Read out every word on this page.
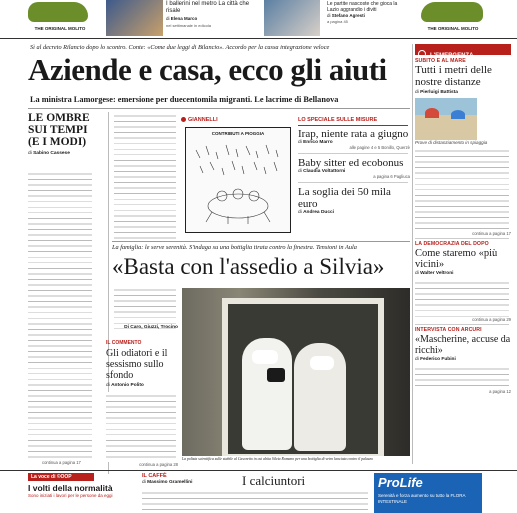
THE ORIGINAL MOLITO
I ballerini nel metro La città che risale
di Elena Marco
nel settimanale in edicola
Le partite nascoste che gioca la Lazio aggrandio i diviti
di Stefano Agresti
a pagina 45
THE ORIGINAL MOLITO
Sì al decreto Rilancio dopo lo scontro. Conte: «Come due leggi di Bilancio». Accordo per la cassa integrazione veloce
Aziende e casa, ecco gli aiuti
La ministra Lamorgese: emersione per duecentomila migranti. Le lacrime di Bellanova
LE OMBRE SUI TEMPI (E I MODI)
di Sabino Cassese
continua a pagina 17
GIANNELLI
CONTRIBUTI A PIOGGIA

LO SPECIALE SULLE MISURE
Irap, niente rata a giugno
di Enrico Marro
alle pagine 4 e 5 Bonillo, Querzè
Baby sitter ed ecobonus
di Claudia Voltattorni
a pagina 6 Pagliuca
La soglia dei 50 mila euro
di Andrea Ducci
La famiglia: le serve serenità. S'indaga su una bottiglia tirata contro la finestra. Tensioni in Aula
«Basta con l'assedio a Silvia»
Di Caro, Giuzzi, Trocino
La polizia scientifica sulle stabile al Casoretto in cui abita Silvia Romano per una bottiglia di vetro lanciata contro il palazzo
IL COMMENTO
Gli odiatori e il sessismo sullo sfondo
di Antonio Polito
continua a pagina 28
L'EMERGENZA
SUBITO E AL MARE
Tutti i metri delle nostre distanze
di Pierluigi Battista
Prove di distanziamento in spiaggia
continua a pagina 17
LA DEMOCRAZIA DEL DOPO
Come staremo «più vicini»
di Walter Veltroni
continua a pagina 29
INTERVISTA CON ARCURI
«Mascherine, accuse da ricchi»
di Federico Fubini
a pagina 12
La voce di ©OOP
I volti della normalità
Sono iniziati i lavori per le persone da eggi
IL CAFFÈ
di Massimo Gramellini	I calciuntori	ProLife
Serenità e forza aumento su tutto la FLORA INTESTINALE
